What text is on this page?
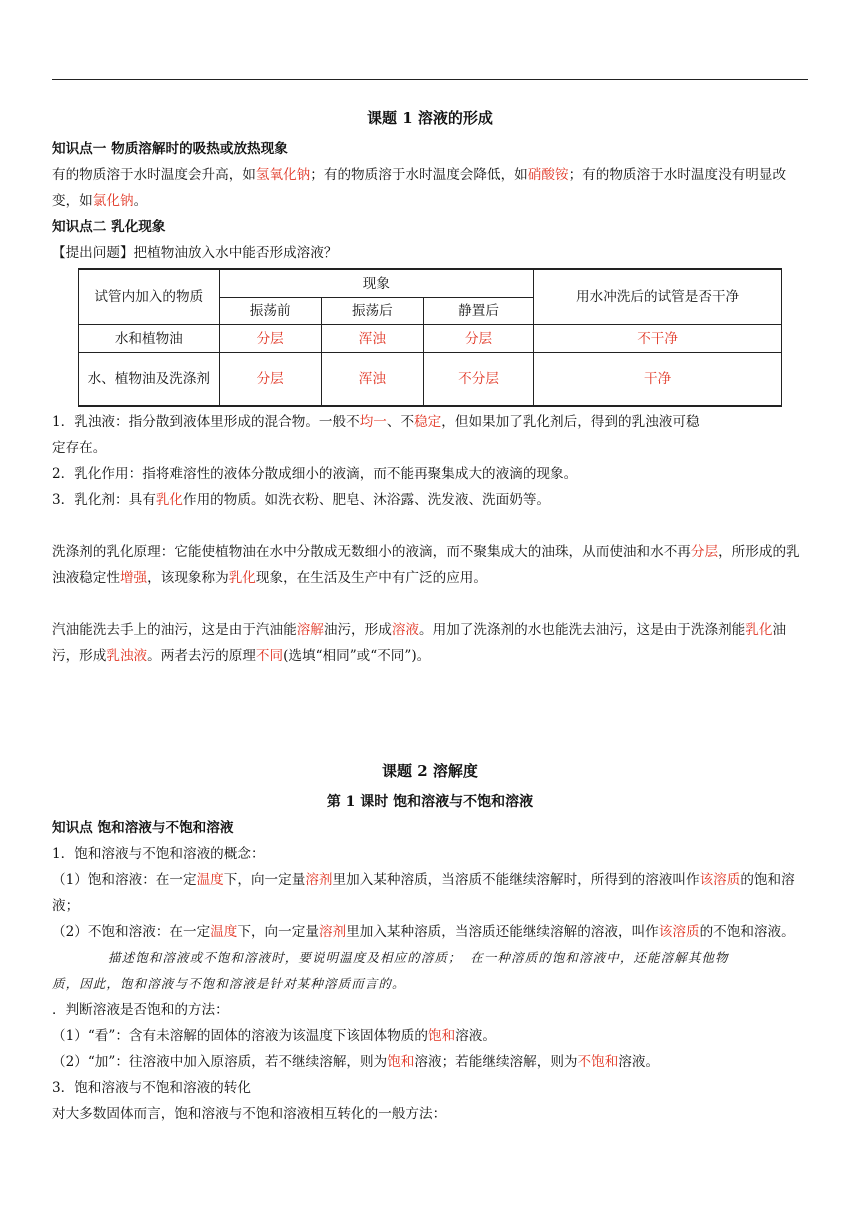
课题 1 溶液的形成

知识点一 物质溶解时的吸热或放热现象

有的物质溶于水时温度会升高，如氢氧化钠；有的物质溶于水时温度会降低，如硝酸铵；有的物质溶于水时温度没有明显改变，如氯化钠。

知识点二 乳化现象

【提出问题】把植物油放入水中能否形成溶液？

试管内加入的物质	现象			用水冲洗后的试管是否干净
	振荡前	振荡后	静置后	
水和植物油	分层	浑浊	分层	不干净
水、植物油及洗涤剂	分层	浑浊	不分层	干净

1．乳浊液：指分散到液体里形成的混合物。一般不均一、不稳定，但如果加了乳化剂后，得到的乳浊液可稳

定存在。

2．乳化作用：指将难溶性的液体分散成细小的液滴，而不能再聚集成大的液滴的现象。

3．乳化剂：具有乳化作用的物质。如洗衣粉、肥皂、沐浴露、洗发液、洗面奶等。

洗涤剂的乳化原理：它能使植物油在水中分散成无数细小的液滴，而不聚集成大的油珠，从而使油和水不再分层，所形成的乳浊液稳定性增强，该现象称为乳化现象，在生活及生产中有广泛的应用。

汽油能洗去手上的油污，这是由于汽油能溶解油污，形成溶液。用加了洗涤剂的水也能洗去油污，这是由于洗涤剂能乳化油污，形成乳浊液。两者去污的原理不同(选填“相同”或“不同”)。

课题 2 溶解度
第 1 课时 饱和溶液与不饱和溶液

知识点 饱和溶液与不饱和溶液

1．饱和溶液与不饱和溶液的概念：

（1）饱和溶液：在一定温度下，向一定量溶剂里加入某种溶质，当溶质不能继续溶解时，所得到的溶液叫作该溶质的饱和溶液；

（2）不饱和溶液：在一定温度下，向一定量溶剂里加入某种溶质，当溶质还能继续溶解的溶液，叫作该溶质的不饱和溶液。

描述饱和溶液或不饱和溶液时，要说明温度及相应的溶质； 在一种溶质的饱和溶液中，还能溶解其他物

质，因此，饱和溶液与不饱和溶液是针对某种溶质而言的。

．判断溶液是否饱和的方法：

（1）“看”：含有未溶解的固体的溶液为该温度下该固体物质的饱和溶液。

（2）“加”：往溶液中加入原溶质，若不继续溶解，则为饱和溶液；若能继续溶解，则为不饱和溶液。

3．饱和溶液与不饱和溶液的转化

对大多数固体而言，饱和溶液与不饱和溶液相互转化的一般方法：
